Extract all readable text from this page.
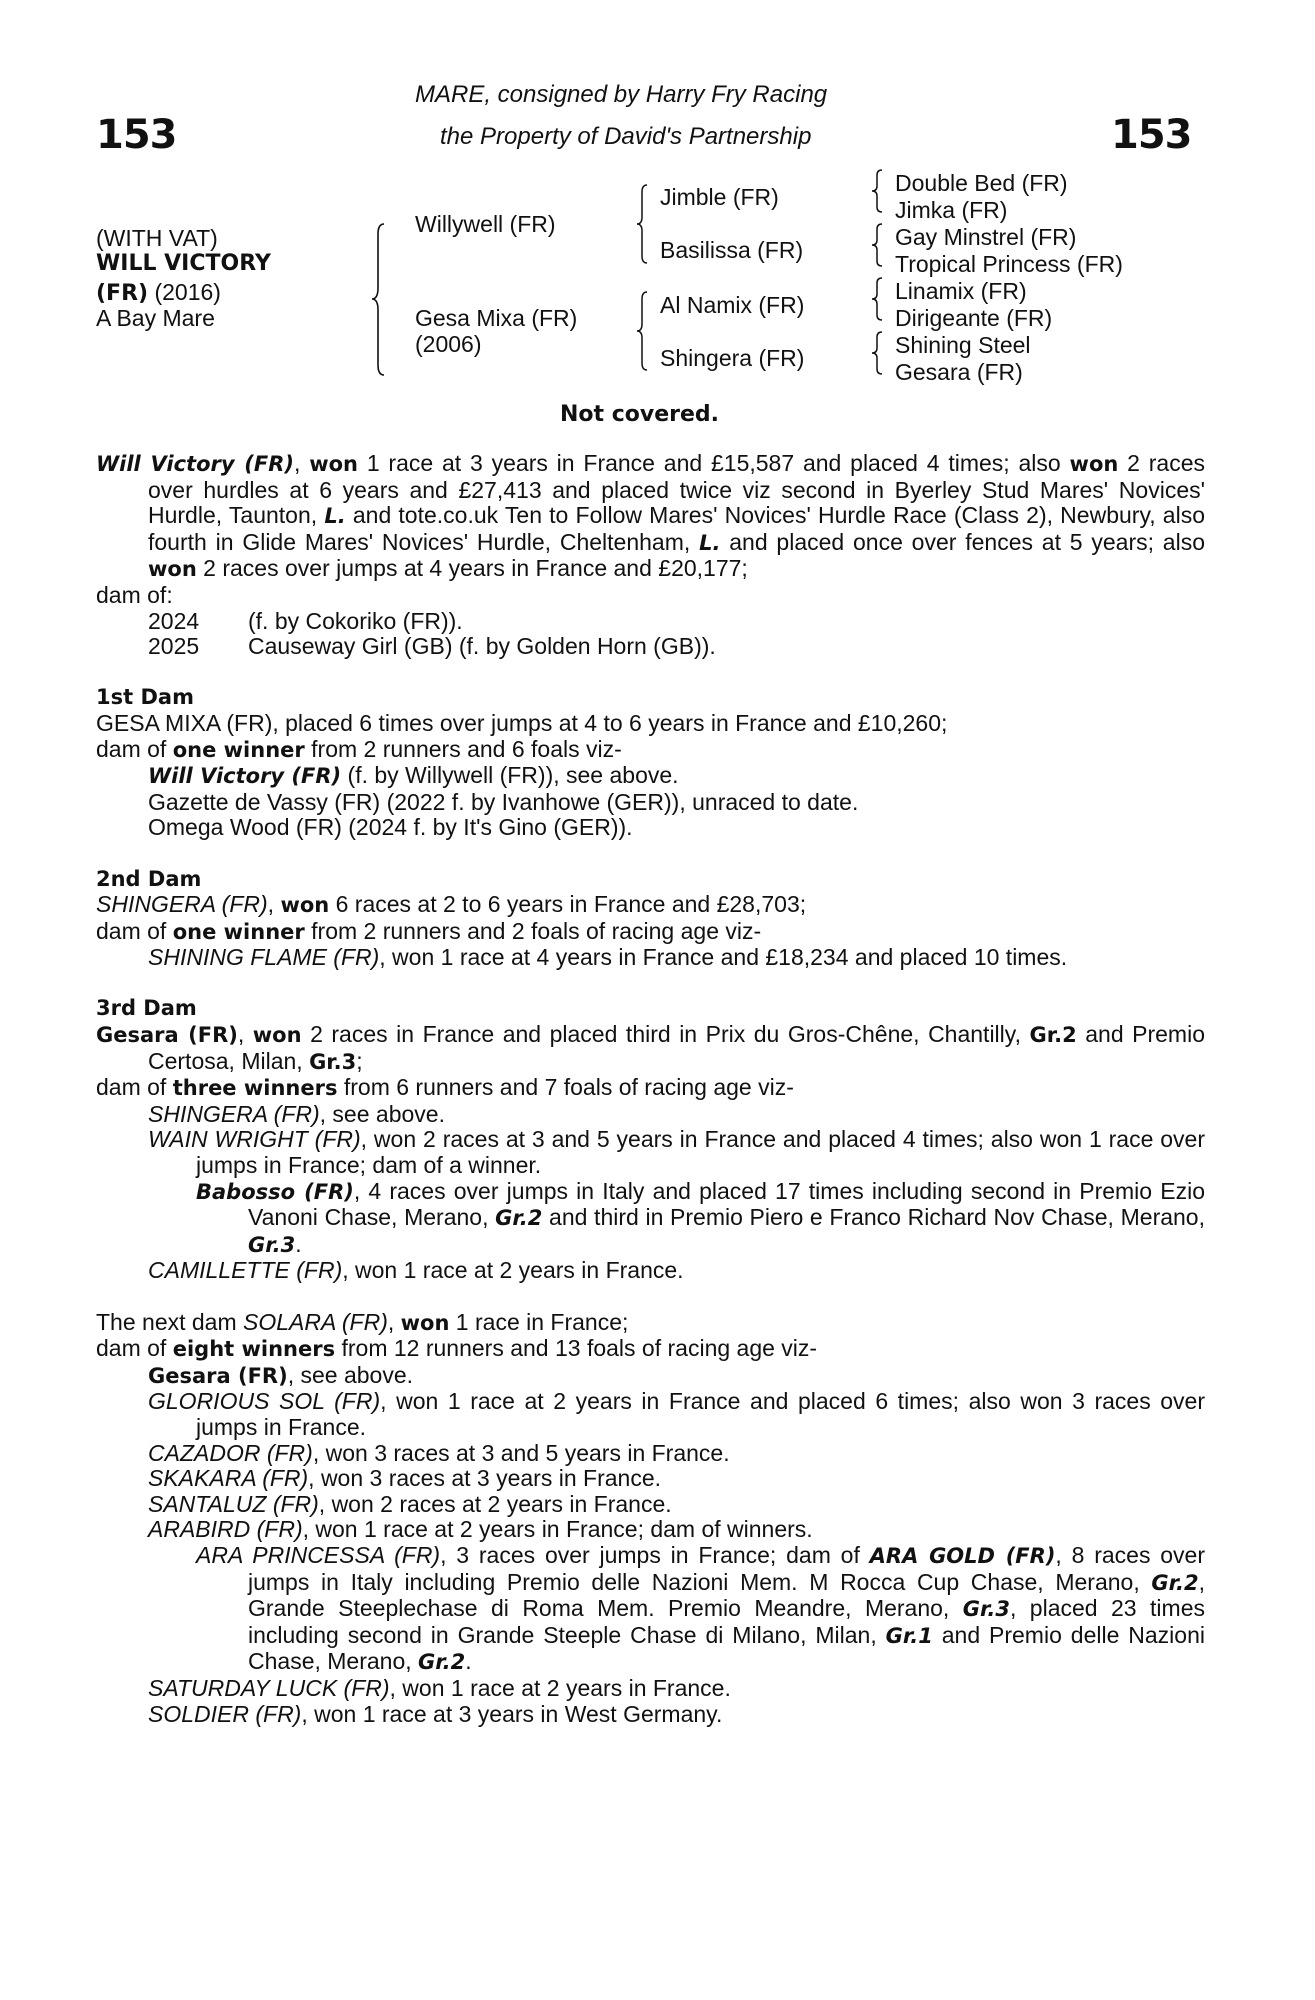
153	153
MARE, consigned by Harry Fry Racing
the Property of David's Partnership
(WITH VAT)
WILL VICTORY
(FR) (2016)
A Bay Mare
Willywell (FR)
Gesa Mixa (FR)
(2006)
Jimble (FR)
Basilissa (FR)
Al Namix (FR)
Shingera (FR)
Double Bed (FR)
Jimka (FR)
Gay Minstrel (FR)
Tropical Princess (FR)
Linamix (FR)
Dirigeante (FR)
Shining Steel
Gesara (FR)
Not covered.

Will Victory (FR), won 1 race at 3 years in France and £15,587 and placed 4 times; also won 2 races over hurdles at 6 years and £27,413 and placed twice viz second in Byerley Stud Mares' Novices' Hurdle, Taunton, L. and tote.co.uk Ten to Follow Mares' Novices' Hurdle Race (Class 2), Newbury, also fourth in Glide Mares' Novices' Hurdle, Cheltenham, L. and placed once over fences at 5 years; also won 2 races over jumps at 4 years in France and £20,177;

dam of:

2024 (f. by Cokoriko (FR)).

2025 Causeway Girl (GB) (f. by Golden Horn (GB)).

1st Dam

GESA MIXA (FR), placed 6 times over jumps at 4 to 6 years in France and £10,260;

dam of one winner from 2 runners and 6 foals viz-

Will Victory (FR) (f. by Willywell (FR)), see above.

Gazette de Vassy (FR) (2022 f. by Ivanhowe (GER)), unraced to date.

Omega Wood (FR) (2024 f. by It's Gino (GER)).

2nd Dam

SHINGERA (FR), won 6 races at 2 to 6 years in France and £28,703;

dam of one winner from 2 runners and 2 foals of racing age viz-

SHINING FLAME (FR), won 1 race at 4 years in France and £18,234 and placed 10 times.

3rd Dam

Gesara (FR), won 2 races in France and placed third in Prix du Gros-Chêne, Chantilly, Gr.2 and Premio Certosa, Milan, Gr.3;

dam of three winners from 6 runners and 7 foals of racing age viz-

SHINGERA (FR), see above.

WAIN WRIGHT (FR), won 2 races at 3 and 5 years in France and placed 4 times; also won 1 race over jumps in France; dam of a winner.

Babosso (FR), 4 races over jumps in Italy and placed 17 times including second in Premio Ezio Vanoni Chase, Merano, Gr.2 and third in Premio Piero e Franco Richard Nov Chase, Merano, Gr.3.

CAMILLETTE (FR), won 1 race at 2 years in France.

The next dam SOLARA (FR), won 1 race in France;

dam of eight winners from 12 runners and 13 foals of racing age viz-

Gesara (FR), see above.

GLORIOUS SOL (FR), won 1 race at 2 years in France and placed 6 times; also won 3 races over jumps in France.

CAZADOR (FR), won 3 races at 3 and 5 years in France.

SKAKARA (FR), won 3 races at 3 years in France.

SANTALUZ (FR), won 2 races at 2 years in France.

ARABIRD (FR), won 1 race at 2 years in France; dam of winners.

ARA PRINCESSA (FR), 3 races over jumps in France; dam of ARA GOLD (FR), 8 races over jumps in Italy including Premio delle Nazioni Mem. M Rocca Cup Chase, Merano, Gr.2, Grande Steeplechase di Roma Mem. Premio Meandre, Merano, Gr.3, placed 23 times including second in Grande Steeple Chase di Milano, Milan, Gr.1 and Premio delle Nazioni Chase, Merano, Gr.2.

SATURDAY LUCK (FR), won 1 race at 2 years in France.

SOLDIER (FR), won 1 race at 3 years in West Germany.
